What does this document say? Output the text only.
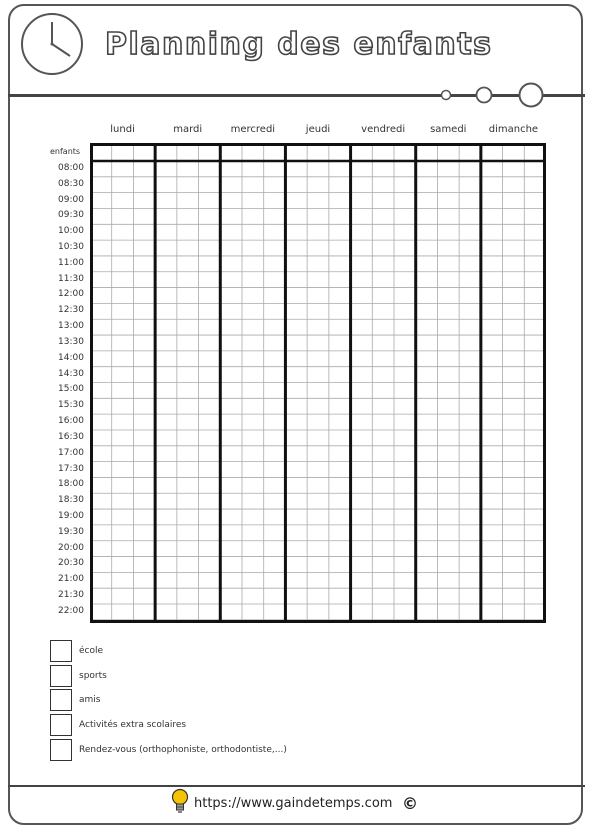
Planning des enfants
lundi	mardi	mercredi	jeudi	vendredi samedi dimanche
enfants
08:00
08:30
09:00
09:30
10:00
10:30
11:00
11:30
12:00
12:30
13:00
13:30
14:00
14:30
15:00
15:30
16:00
16:30
17:00
17:30
18:00
18:30
19:00
19:30
20:00
20:30
21:00
21:30
22:00
école
sports
amis
Activités extra scolaires
Rendez-vous (orthophoniste, orthodontiste,...)
https://www.gaindetemps.com ©
